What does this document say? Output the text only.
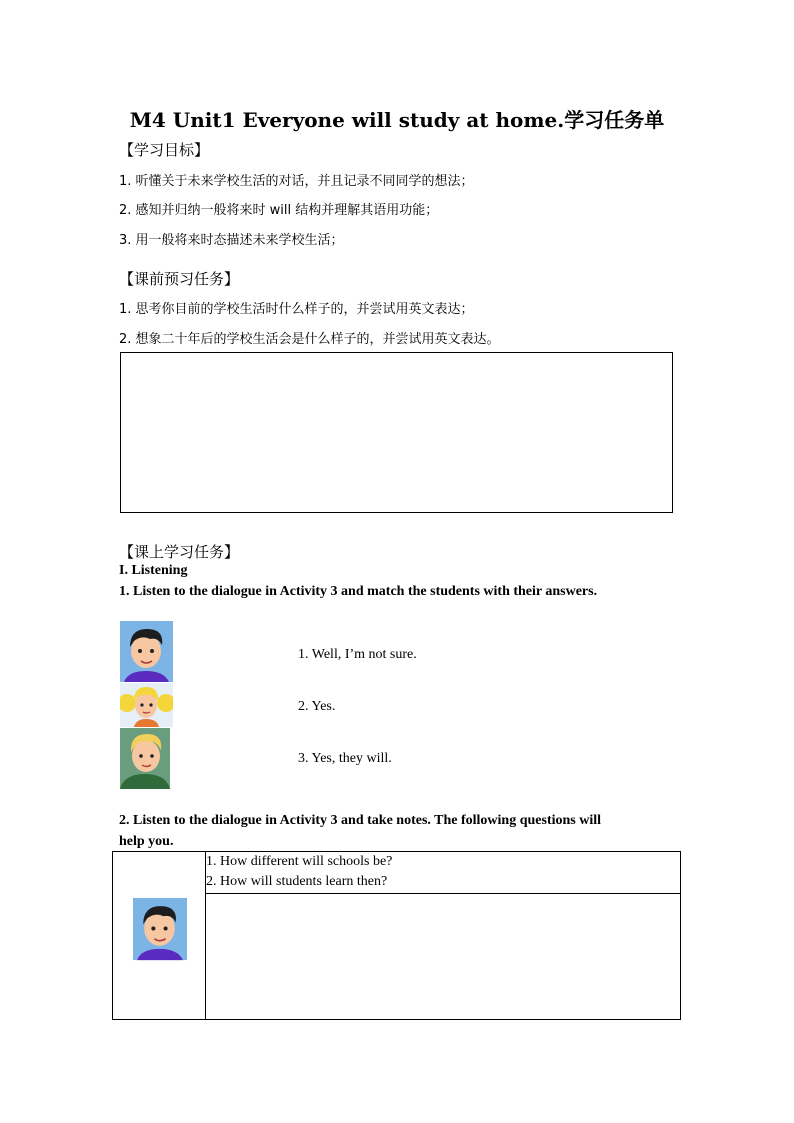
M4 Unit1 Everyone will study at home.学习任务单
【学习目标】
1. 听懂关于未来学校生活的对话，并且记录不同同学的想法；
2. 感知并归纳一般将来时 will 结构并理解其语用功能；
3. 用一般将来时态描述未来学校生活；
【课前预习任务】
1. 思考你目前的学校生活时什么样子的，并尝试用英文表达；
2. 想象二十年后的学校生活会是什么样子的，并尝试用英文表达。
【课上学习任务】
I. Listening
1. Listen to the dialogue in Activity 3 and match the students with their answers.
1. Well, I’m not sure.
2. Yes.
3. Yes, they will.
2. Listen to the dialogue in Activity 3 and take notes. The following questions will
help you.

1. How different will schools be?
2. How will students learn then?
